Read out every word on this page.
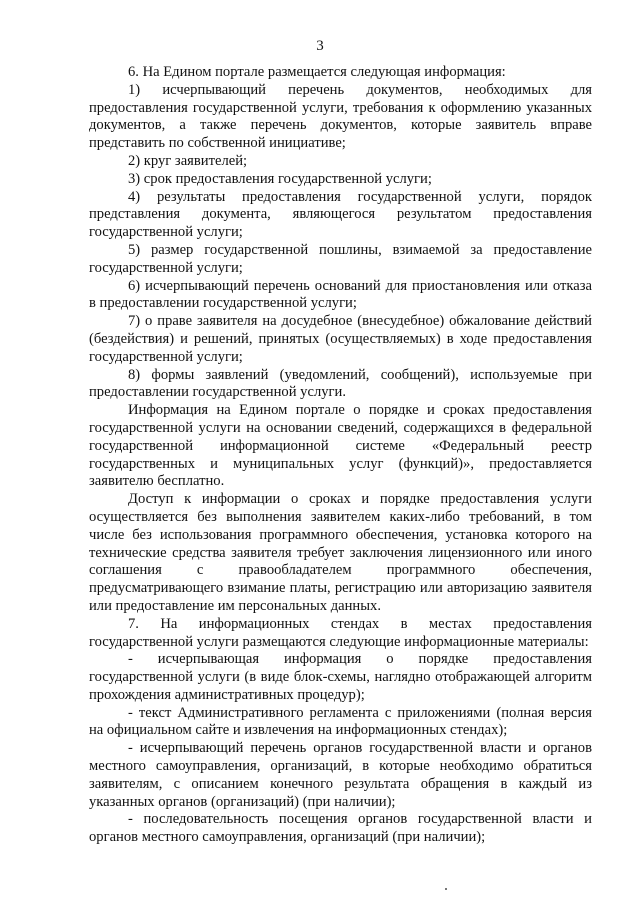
3

6. На Едином портале размещается следующая информация:

1) исчерпывающий перечень документов, необходимых для предоставления государственной услуги, требования к оформлению указанных документов, а также перечень документов, которые заявитель вправе представить по собственной инициативе;

2) круг заявителей;

3) срок предоставления государственной услуги;

4) результаты предоставления государственной услуги, порядок представления документа, являющегося результатом предоставления государственной услуги;

5) размер государственной пошлины, взимаемой за предоставление государственной услуги;

6) исчерпывающий перечень оснований для приостановления или отказа в предоставлении государственной услуги;

7) о праве заявителя на досудебное (внесудебное) обжалование действий (бездействия) и решений, принятых (осуществляемых) в ходе предоставления государственной услуги;

8) формы заявлений (уведомлений, сообщений), используемые при предоставлении государственной услуги.

Информация на Едином портале о порядке и сроках предоставления государственной услуги на основании сведений, содержащихся в федеральной государственной информационной системе «Федеральный реестр государственных и муниципальных услуг (функций)», предоставляется заявителю бесплатно.

Доступ к информации о сроках и порядке предоставления услуги осуществляется без выполнения заявителем каких-либо требований, в том числе без использования программного обеспечения, установка которого на технические средства заявителя требует заключения лицензионного или иного соглашения с правообладателем программного обеспечения, предусматривающего взимание платы, регистрацию или авторизацию заявителя или предоставление им персональных данных.

7. На информационных стендах в местах предоставления государственной услуги размещаются следующие информационные материалы:

- исчерпывающая информация о порядке предоставления государственной услуги (в виде блок-схемы, наглядно отображающей алгоритм прохождения административных процедур);

- текст Административного регламента с приложениями (полная версия на официальном сайте и извлечения на информационных стендах);

- исчерпывающий перечень органов государственной власти и органов местного самоуправления, организаций, в которые необходимо обратиться заявителям, с описанием конечного результата обращения в каждый из указанных органов (организаций) (при наличии);

- последовательность посещения органов государственной власти и органов местного самоуправления, организаций (при наличии);
